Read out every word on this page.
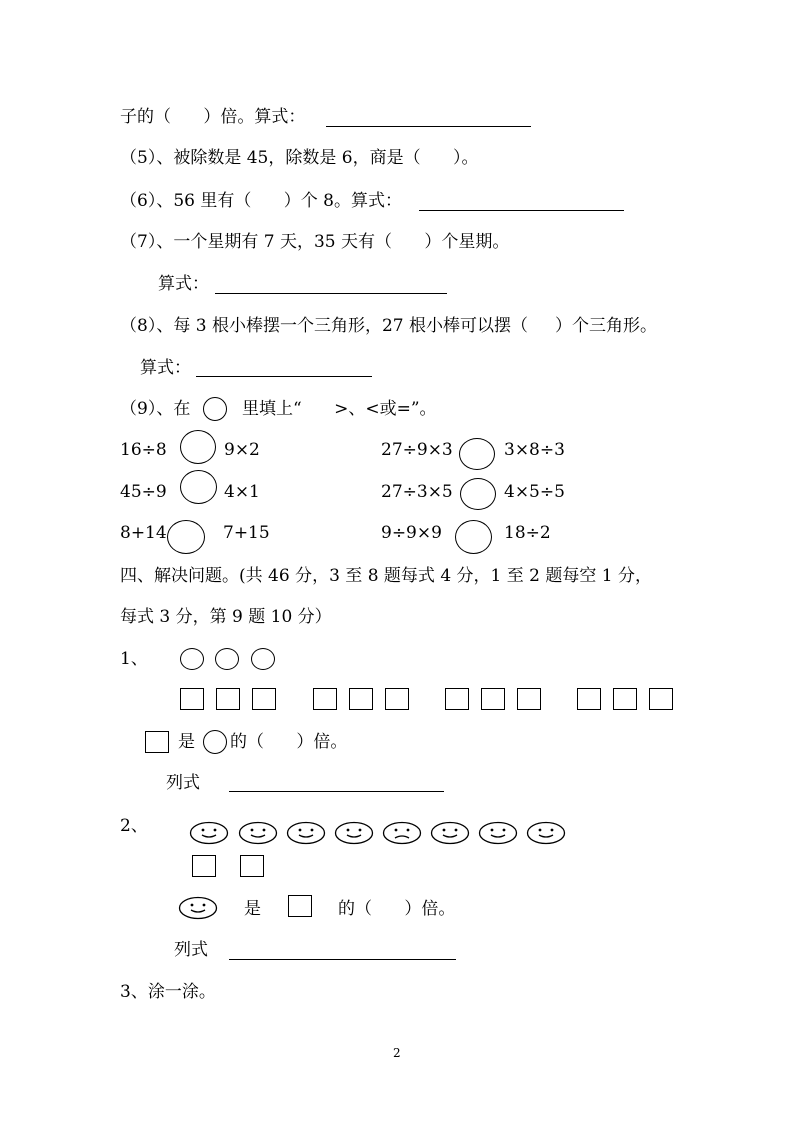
子的（      ）倍。算式：
（5）、被除数是 45，除数是 6，商是（      ）。
（6）、56 里有（      ）个 8。算式：
（7）、一个星期有 7 天，35 天有（      ）个星期。
算式：
（8）、每 3 根小棒摆一个三角形，27 根小棒可以摆（     ）个三角形。
算式：
（9）、在	里填上“      >、<或=”。
16÷8	9×2	27÷9×3	3×8÷3
45÷9	4×1	27÷3×5	4×5÷5
8+14	7+15	9÷9×9	18÷2
四、解决问题。(共 46 分，3 至 8 题每式 4 分，1 至 2 题每空 1 分，
每式 3 分，第 9 题 10 分）
1、
是 的（      ）倍。
列式
2、
是	的（      ）倍。
列式
3、涂一涂。
2
